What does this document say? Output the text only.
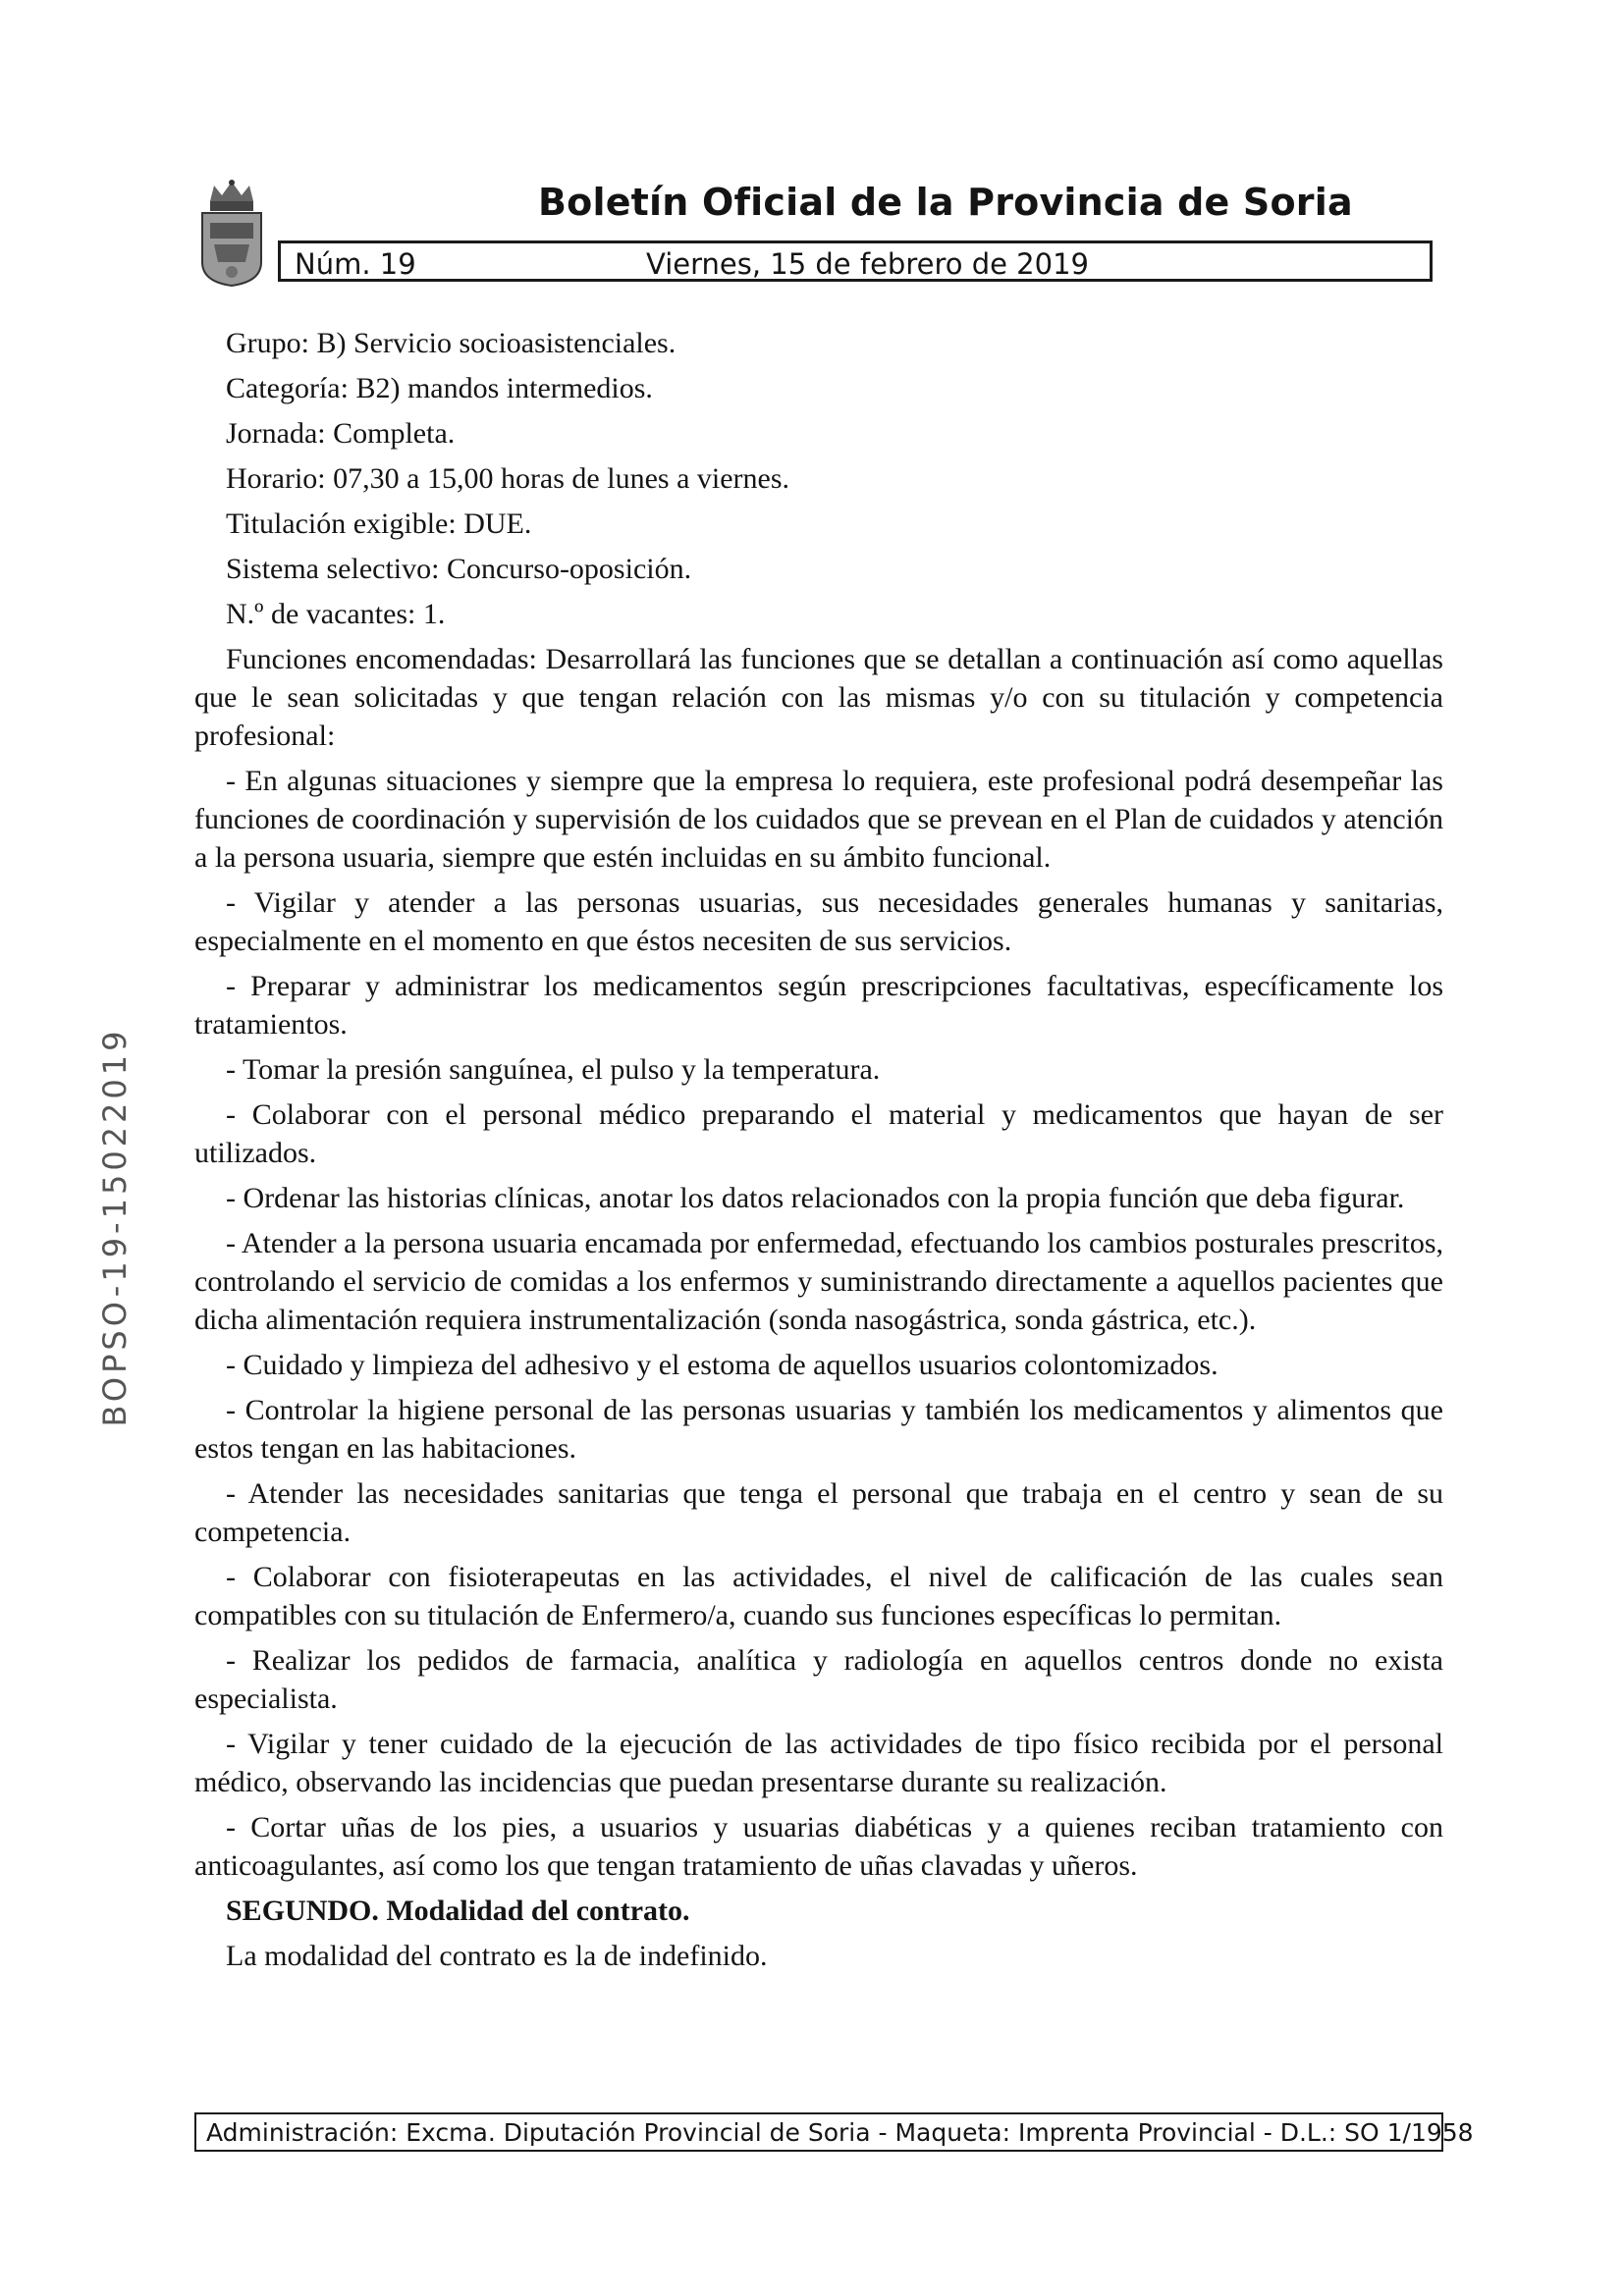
Boletín Oficial de la Provincia de Soria
Núm. 19	Viernes, 15 de febrero de 2019
BOPSO-19-15022019

Grupo: B) Servicio socioasistenciales.

Categoría: B2) mandos intermedios.

Jornada: Completa.

Horario: 07,30 a 15,00 horas de lunes a viernes.

Titulación exigible: DUE.

Sistema selectivo: Concurso-oposición.

N.º de vacantes: 1.

Funciones encomendadas: Desarrollará las funciones que se detallan a continuación así como aquellas que le sean solicitadas y que tengan relación con las mismas y/o con su titulación y competencia profesional:

- En algunas situaciones y siempre que la empresa lo requiera, este profesional podrá desempeñar las funciones de coordinación y supervisión de los cuidados que se prevean en el Plan de cuidados y atención a la persona usuaria, siempre que estén incluidas en su ámbito funcional.

- Vigilar y atender a las personas usuarias, sus necesidades generales humanas y sanitarias, especialmente en el momento en que éstos necesiten de sus servicios.

- Preparar y administrar los medicamentos según prescripciones facultativas, específicamente los tratamientos.

- Tomar la presión sanguínea, el pulso y la temperatura.

- Colaborar con el personal médico preparando el material y medicamentos que hayan de ser utilizados.

- Ordenar las historias clínicas, anotar los datos relacionados con la propia función que deba figurar.

- Atender a la persona usuaria encamada por enfermedad, efectuando los cambios posturales prescritos, controlando el servicio de comidas a los enfermos y suministrando directamente a aquellos pacientes que dicha alimentación requiera instrumentalización (sonda nasogástrica, sonda gástrica, etc.).

- Cuidado y limpieza del adhesivo y el estoma de aquellos usuarios colontomizados.

- Controlar la higiene personal de las personas usuarias y también los medicamentos y alimentos que estos tengan en las habitaciones.

- Atender las necesidades sanitarias que tenga el personal que trabaja en el centro y sean de su competencia.

- Colaborar con fisioterapeutas en las actividades, el nivel de calificación de las cuales sean compatibles con su titulación de Enfermero/a, cuando sus funciones específicas lo permitan.

- Realizar los pedidos de farmacia, analítica y radiología en aquellos centros donde no exista especialista.

- Vigilar y tener cuidado de la ejecución de las actividades de tipo físico recibida por el personal médico, observando las incidencias que puedan presentarse durante su realización.

- Cortar uñas de los pies, a usuarios y usuarias diabéticas y a quienes reciban tratamiento con anticoagulantes, así como los que tengan tratamiento de uñas clavadas y uñeros.

SEGUNDO. Modalidad del contrato.

La modalidad del contrato es la de indefinido.

Administración: Excma. Diputación Provincial de Soria - Maqueta: Imprenta Provincial - D.L.: SO 1/1958
